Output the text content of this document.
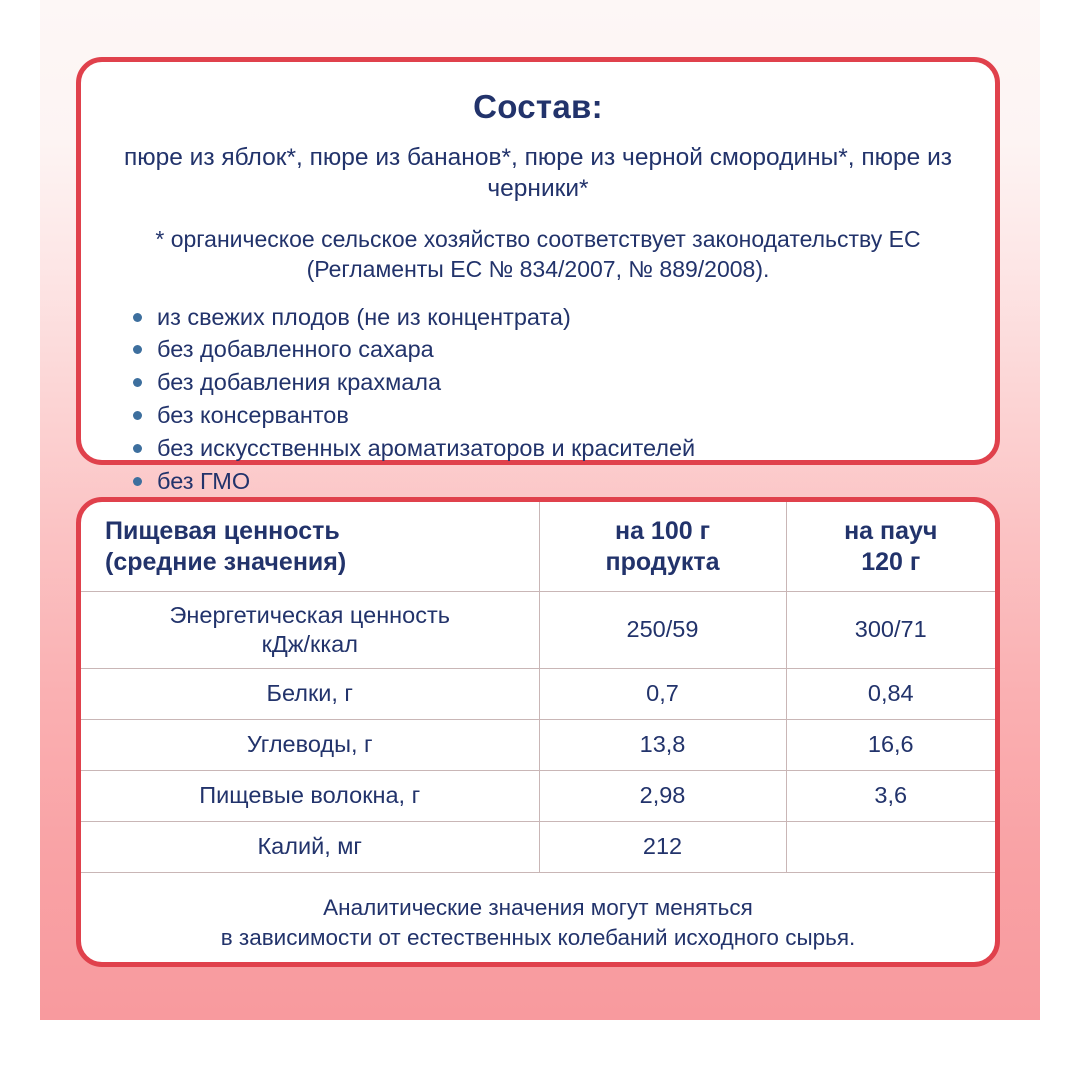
Состав:
пюре из яблок*, пюре из бананов*, пюре из черной смородины*, пюре из черники*
* органическое сельское хозяйство соответствует законодательству ЕС
(Регламенты ЕС № 834/2007, № 889/2008).
из свежих плодов (не из концентрата)
без добавленного сахара
без добавления крахмала
без консервантов
без искусственных ароматизаторов и красителей
без ГМО
Пищевая ценность
(средние значения)

на 100 г
продукта

на пауч
120 г

Энергетическая ценность
кДж/ккал	250/59	300/71
Белки, г	0,7	0,84
Углеводы, г	13,8	16,6
Пищевые волокна, г	2,98	3,6
Калий, мг	212	
Аналитические значения могут меняться
в зависимости от естественных колебаний исходного сырья.
